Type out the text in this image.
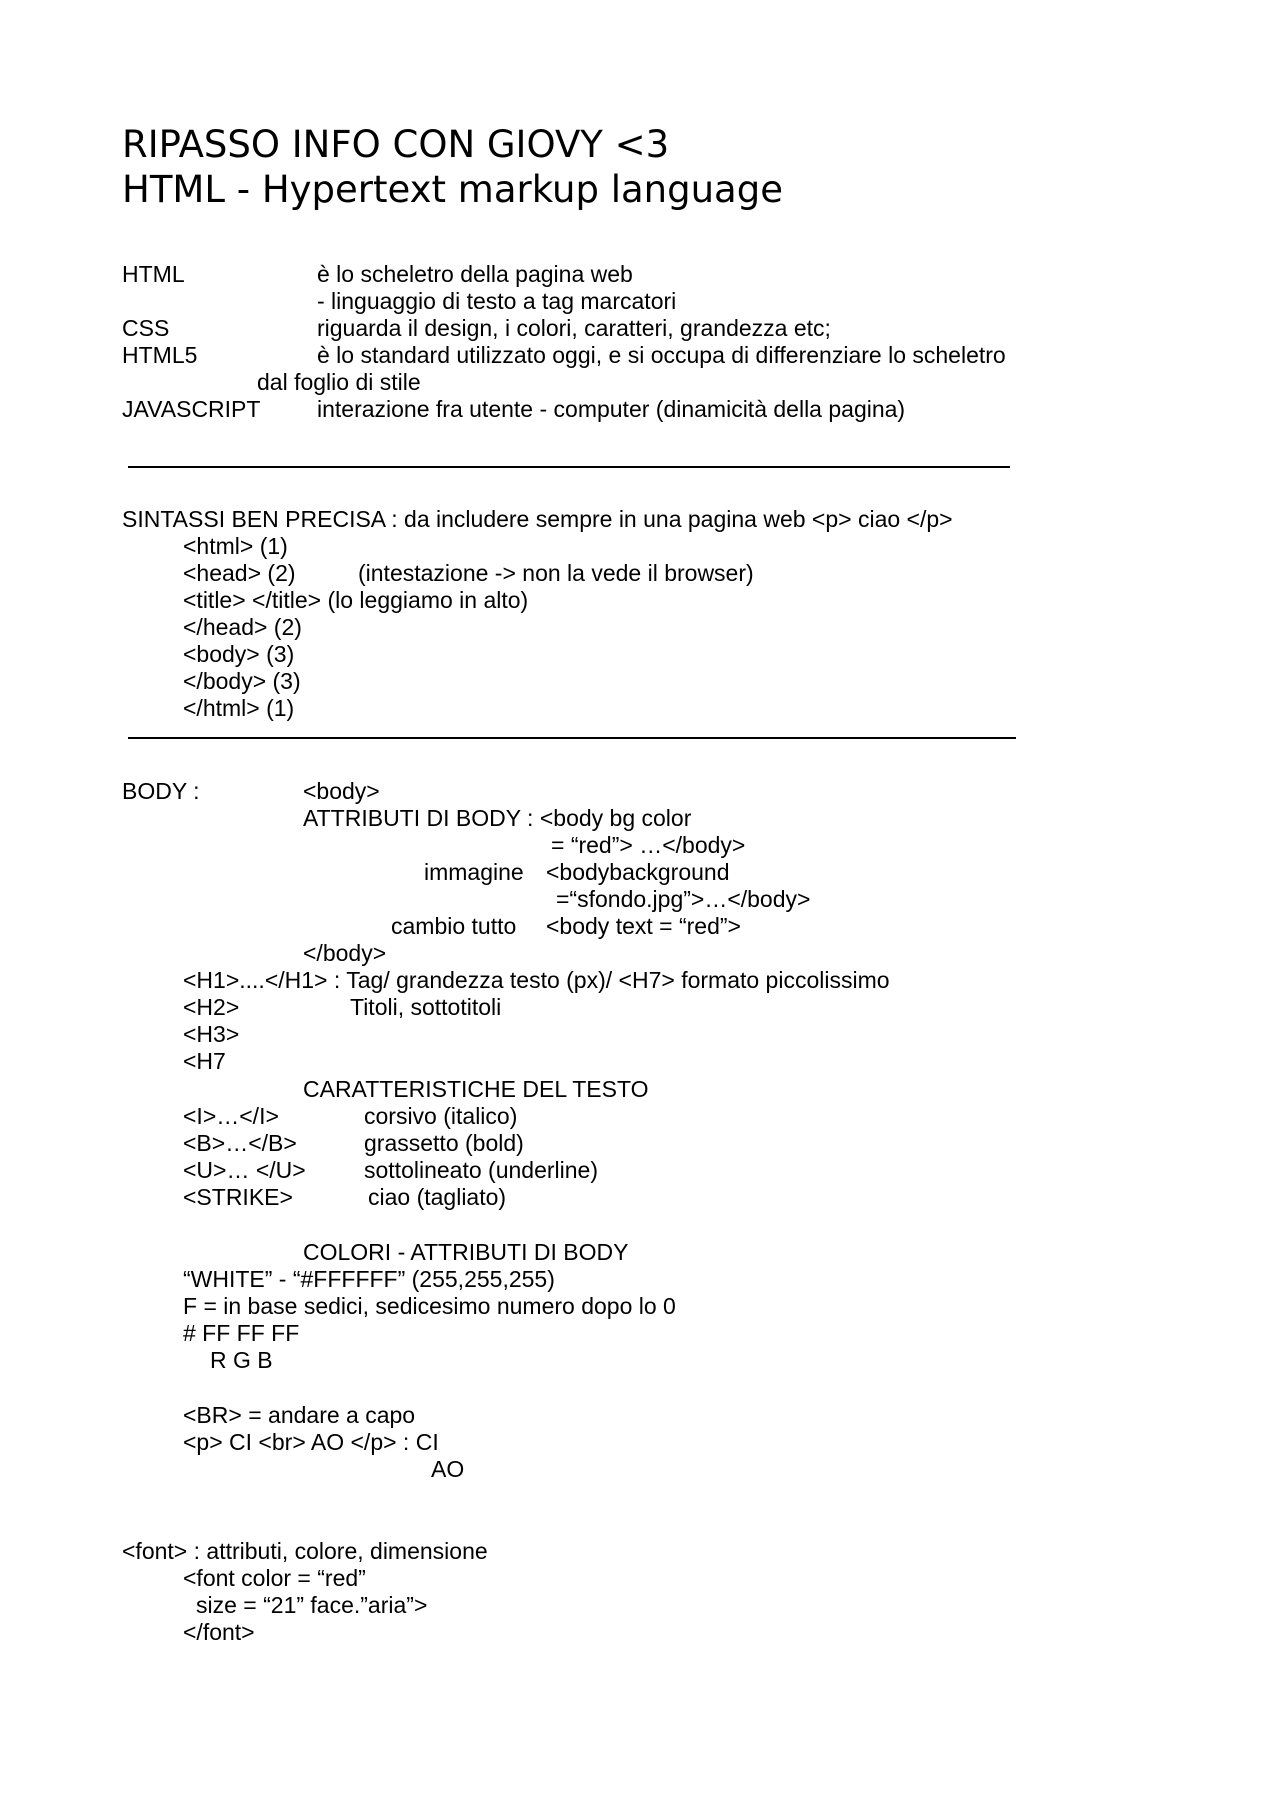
RIPASSO INFO CON GIOVY <3
HTML - Hypertext markup language
HTML	è lo scheletro della pagina web
- linguaggio di testo a tag marcatori
CSS	riguarda il design, i colori, caratteri, grandezza etc;
HTML5	è lo standard utilizzato oggi, e si occupa di differenziare lo scheletro
dal foglio di stile
JAVASCRIPT interazione fra utente - computer (dinamicità della pagina)
SINTASSI BEN PRECISA : da includere sempre in una pagina web <p> ciao </p>
<html> (1)
<head> (2)	(intestazione -> non la vede il browser)
<title> </title> (lo leggiamo in alto)
</head> (2)
<body> (3)
</body> (3)
</html> (1)
BODY :	<body>
ATTRIBUTI DI BODY : <body bg color
= “red”> …</body>
immagine <bodybackground
=“sfondo.jpg”>…</body>
cambio tutto <body text = “red”>
</body>
<H1>....</H1> : Tag/ grandezza testo (px)/ <H7> formato piccolissimo
<H2>	Titoli, sottotitoli
<H3>
<H7
CARATTERISTICHE DEL TESTO
<I>…</I>	corsivo (italico)
<B>…</B>	grassetto (bold)
<U>… </U>	sottolineato (underline)
<STRIKE>	ciao (tagliato)
COLORI - ATTRIBUTI DI BODY
“WHITE” - “#FFFFFF” (255,255,255)
F = in base sedici, sedicesimo numero dopo lo 0
# FF FF FF
R G B
<BR> = andare a capo
<p> CI <br> AO </p> : CI
AO
<font> : attributi, colore, dimensione
<font color = “red”
size = “21” face.”aria”>
</font>
